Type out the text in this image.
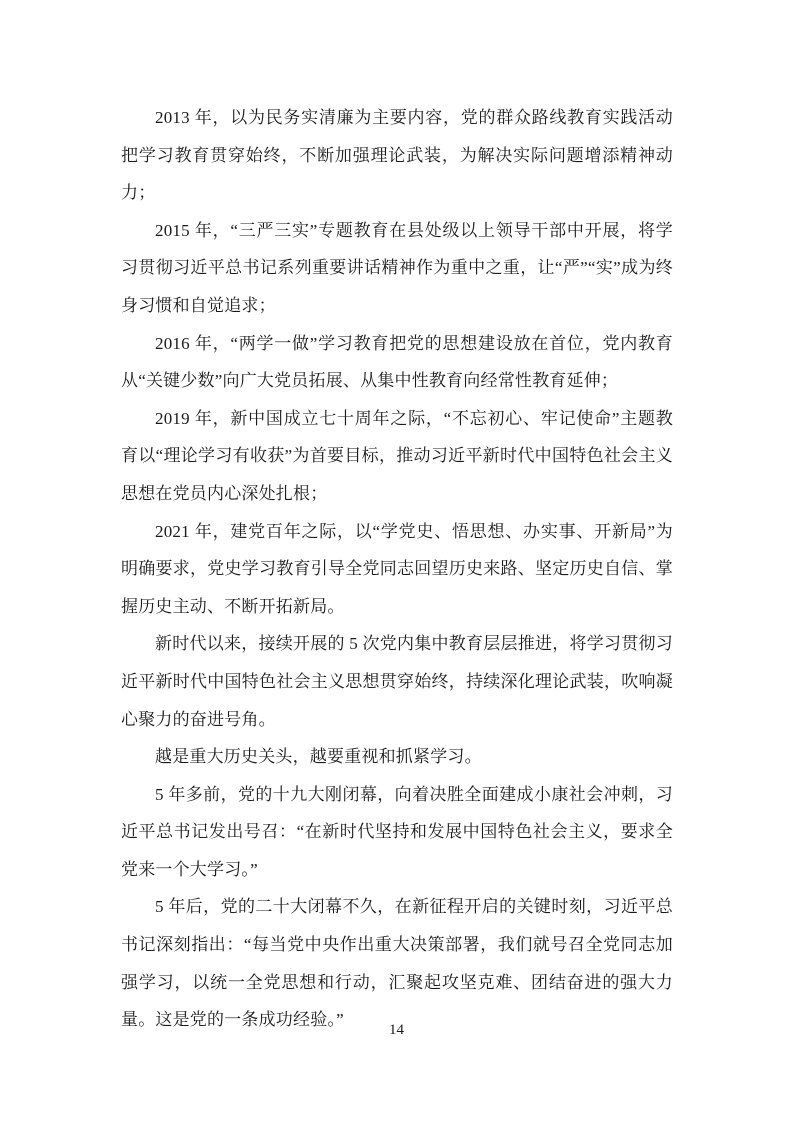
2013 年，以为民务实清廉为主要内容，党的群众路线教育实践活动把学习教育贯穿始终，不断加强理论武装，为解决实际问题增添精神动力；

2015 年，“三严三实”专题教育在县处级以上领导干部中开展，将学习贯彻习近平总书记系列重要讲话精神作为重中之重，让“严”“实”成为终身习惯和自觉追求；

2016 年，“两学一做”学习教育把党的思想建设放在首位，党内教育从“关键少数”向广大党员拓展、从集中性教育向经常性教育延伸；

2019 年，新中国成立七十周年之际，“不忘初心、牢记使命”主题教育以“理论学习有收获”为首要目标，推动习近平新时代中国特色社会主义思想在党员内心深处扎根；

2021 年，建党百年之际，以“学党史、悟思想、办实事、开新局”为明确要求，党史学习教育引导全党同志回望历史来路、坚定历史自信、掌握历史主动、不断开拓新局。

新时代以来，接续开展的 5 次党内集中教育层层推进，将学习贯彻习近平新时代中国特色社会主义思想贯穿始终，持续深化理论武装，吹响凝心聚力的奋进号角。

越是重大历史关头，越要重视和抓紧学习。

5 年多前，党的十九大刚闭幕，向着决胜全面建成小康社会冲刺，习近平总书记发出号召：“在新时代坚持和发展中国特色社会主义，要求全党来一个大学习。”

5 年后，党的二十大闭幕不久，在新征程开启的关键时刻，习近平总书记深刻指出：“每当党中央作出重大决策部署，我们就号召全党同志加强学习，以统一全党思想和行动，汇聚起攻坚克难、团结奋进的强大力量。这是党的一条成功经验。”

14
